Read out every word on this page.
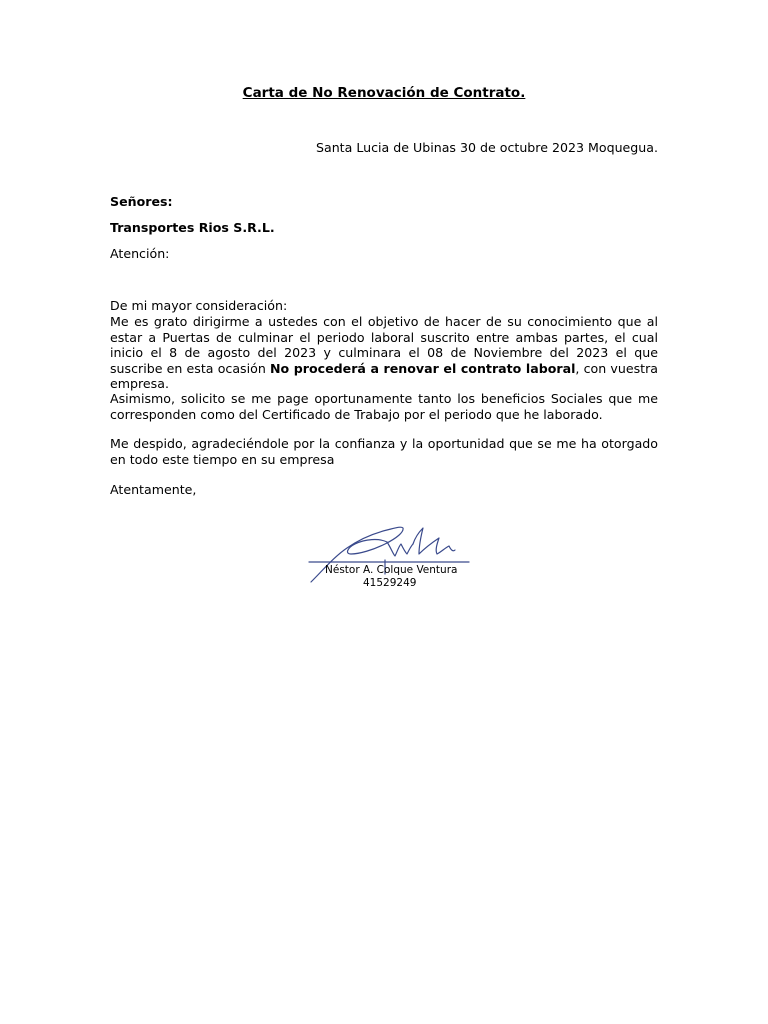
Carta de No Renovación de Contrato.
Santa Lucia de Ubinas 30 de octubre 2023 Moquegua.
Señores:
Transportes Rios S.R.L.
Atención:
De mi mayor consideración:
Me es grato dirigirme a ustedes con el objetivo de hacer de su conocimiento que al estar a Puertas de culminar el periodo laboral suscrito entre ambas partes, el cual inicio el 8 de agosto del 2023 y culminara el 08 de Noviembre del 2023 el que suscribe en esta ocasión No procederá a renovar el contrato laboral, con vuestra empresa.
Asimismo, solicito se me page oportunamente tanto los beneficios Sociales que me corresponden como del Certificado de Trabajo por el periodo que he laborado.
Me despido, agradeciéndole por la confianza y la oportunidad que se me ha otorgado en todo este tiempo en su empresa
Atentamente,
Néstor A. Colque Ventura
41529249
